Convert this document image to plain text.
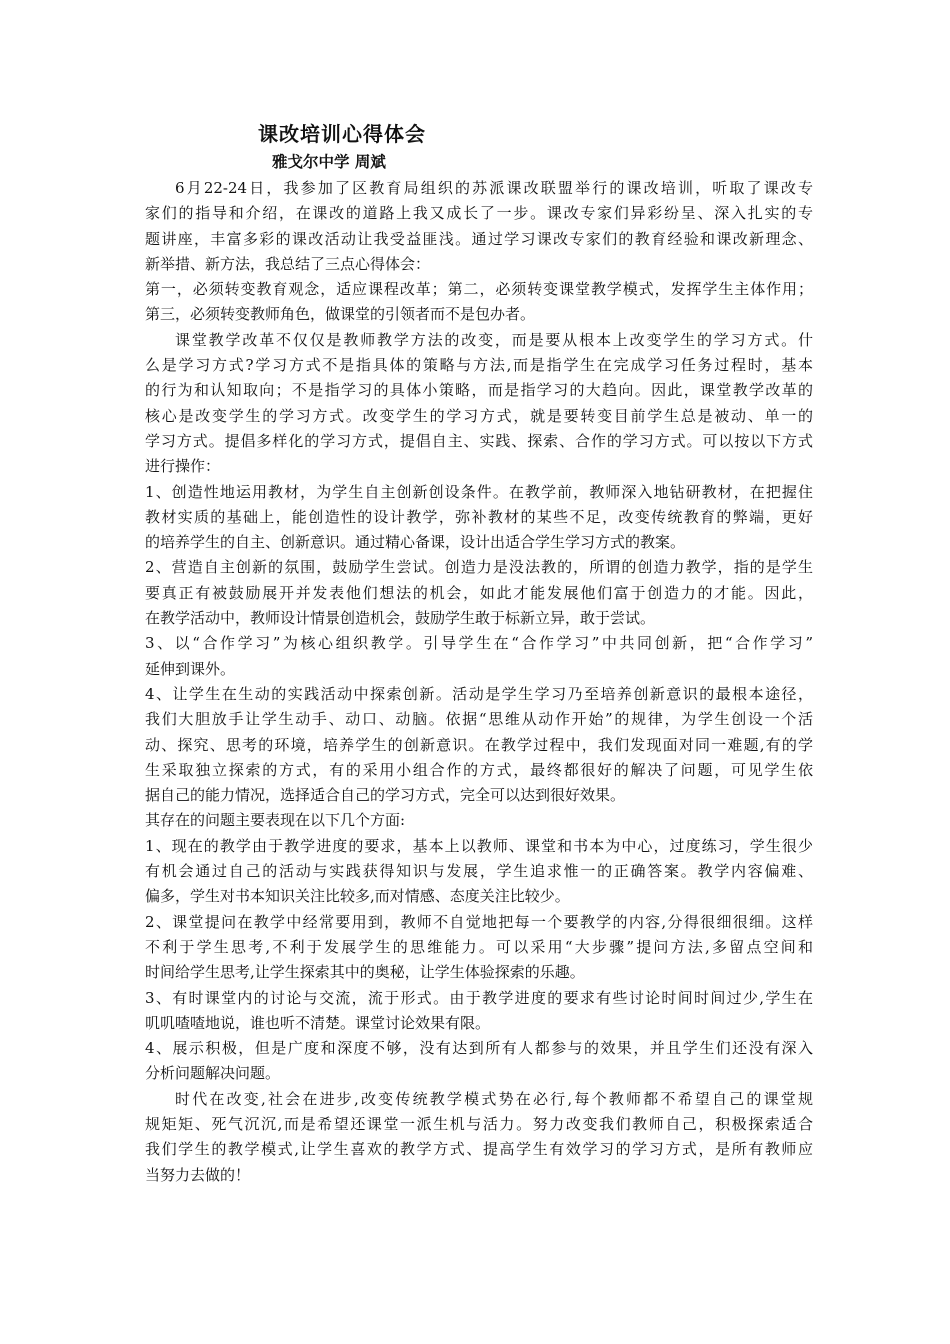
课改培训心得体会
雅戈尔中学 周斌
6月22-24日，我参加了区教育局组织的苏派课改联盟举行的课改培训，听取了课改专
家们的指导和介绍，在课改的道路上我又成长了一步。课改专家们异彩纷呈、深入扎实的专
题讲座，丰富多彩的课改活动让我受益匪浅。通过学习课改专家们的教育经验和课改新理念、
新举措、新方法，我总结了三点心得体会：
第一，必须转变教育观念，适应课程改革；第二，必须转变课堂教学模式，发挥学生主体作用；
第三，必须转变教师角色，做课堂的引领者而不是包办者。
课堂教学改革不仅仅是教师教学方法的改变，而是要从根本上改变学生的学习方式。什
么是学习方式?学习方式不是指具体的策略与方法,而是指学生在完成学习任务过程时，基本
的行为和认知取向；不是指学习的具体小策略，而是指学习的大趋向。因此，课堂教学改革的
核心是改变学生的学习方式。改变学生的学习方式，就是要转变目前学生总是被动、单一的
学习方式。提倡多样化的学习方式，提倡自主、实践、探索、合作的学习方式。可以按以下方式
进行操作：
1、创造性地运用教材，为学生自主创新创设条件。在教学前，教师深入地钻研教材，在把握住
教材实质的基础上，能创造性的设计教学，弥补教材的某些不足，改变传统教育的弊端，更好
的培养学生的自主、创新意识。通过精心备课，设计出适合学生学习方式的教案。
2、营造自主创新的氛围，鼓励学生尝试。创造力是没法教的，所谓的创造力教学，指的是学生
要真正有被鼓励展开并发表他们想法的机会，如此才能发展他们富于创造力的才能。因此，
在教学活动中，教师设计情景创造机会，鼓励学生敢于标新立异，敢于尝试。
3、以“合作学习”为核心组织教学。引导学生在“合作学习”中共同创新，把“合作学习”
延伸到课外。
4、让学生在生动的实践活动中探索创新。活动是学生学习乃至培养创新意识的最根本途径，
我们大胆放手让学生动手、动口、动脑。依据“思维从动作开始”的规律，为学生创设一个活
动、探究、思考的环境，培养学生的创新意识。在教学过程中，我们发现面对同一难题,有的学
生采取独立探索的方式，有的采用小组合作的方式，最终都很好的解决了问题，可见学生依
据自己的能力情况，选择适合自己的学习方式，完全可以达到很好效果。
其存在的问题主要表现在以下几个方面:
1、现在的教学由于教学进度的要求，基本上以教师、课堂和书本为中心，过度练习，学生很少
有机会通过自己的活动与实践获得知识与发展，学生追求惟一的正确答案。教学内容偏难、
偏多，学生对书本知识关注比较多,而对情感、态度关注比较少。
2、课堂提问在教学中经常要用到，教师不自觉地把每一个要教学的内容,分得很细很细。这样
不利于学生思考,不利于发展学生的思维能力。可以采用“大步骤”提问方法,多留点空间和
时间给学生思考,让学生探索其中的奥秘，让学生体验探索的乐趣。
3、有时课堂内的讨论与交流，流于形式。由于教学进度的要求有些讨论时间时间过少,学生在
叽叽喳喳地说，谁也听不清楚。课堂讨论效果有限。
4、展示积极，但是广度和深度不够，没有达到所有人都参与的效果，并且学生们还没有深入
分析问题解决问题。
时代在改变,社会在进步,改变传统教学模式势在必行,每个教师都不希望自己的课堂规
规矩矩、死气沉沉,而是希望还课堂一派生机与活力。努力改变我们教师自己，积极探索适合
我们学生的教学模式,让学生喜欢的教学方式、提高学生有效学习的学习方式，是所有教师应
当努力去做的！
